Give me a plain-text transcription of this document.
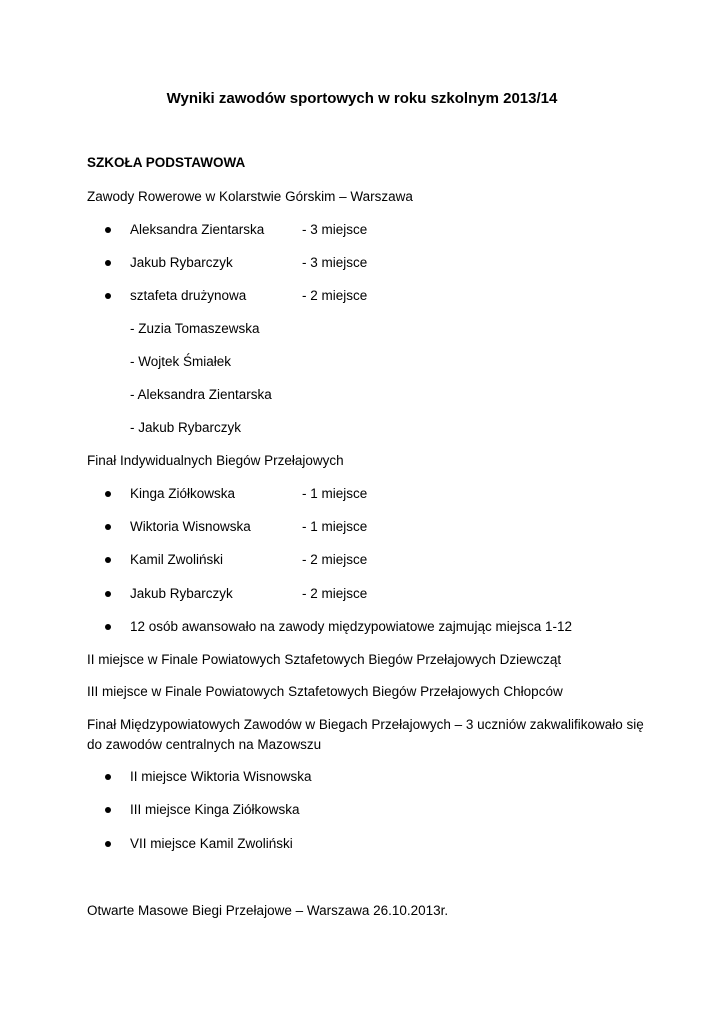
Wyniki zawodów sportowych w roku szkolnym 2013/14
SZKOŁA PODSTAWOWA
Zawody Rowerowe w Kolarstwie Górskim – Warszawa
Aleksandra Zientarska	- 3 miejsce
Jakub Rybarczyk	- 3 miejsce
sztafeta drużynowa	- 2 miejsce
- Zuzia Tomaszewska
- Wojtek Śmiałek
- Aleksandra Zientarska
- Jakub Rybarczyk
Finał Indywidualnych Biegów Przełajowych
Kinga Ziółkowska	- 1 miejsce
Wiktoria Wisnowska	- 1 miejsce
Kamil Zwoliński	- 2 miejsce
Jakub Rybarczyk	- 2 miejsce
12 osób awansowało na zawody międzypowiatowe zajmując miejsca 1-12
II miejsce w Finale Powiatowych Sztafetowych Biegów Przełajowych Dziewcząt
III miejsce w Finale Powiatowych Sztafetowych Biegów Przełajowych Chłopców
Finał Międzypowiatowych Zawodów w Biegach Przełajowych – 3 uczniów zakwalifikowało się
do zawodów centralnych na Mazowszu
II miejsce Wiktoria Wisnowska
III miejsce Kinga Ziółkowska
VII miejsce Kamil Zwoliński
Otwarte Masowe Biegi Przełajowe – Warszawa 26.10.2013r.
